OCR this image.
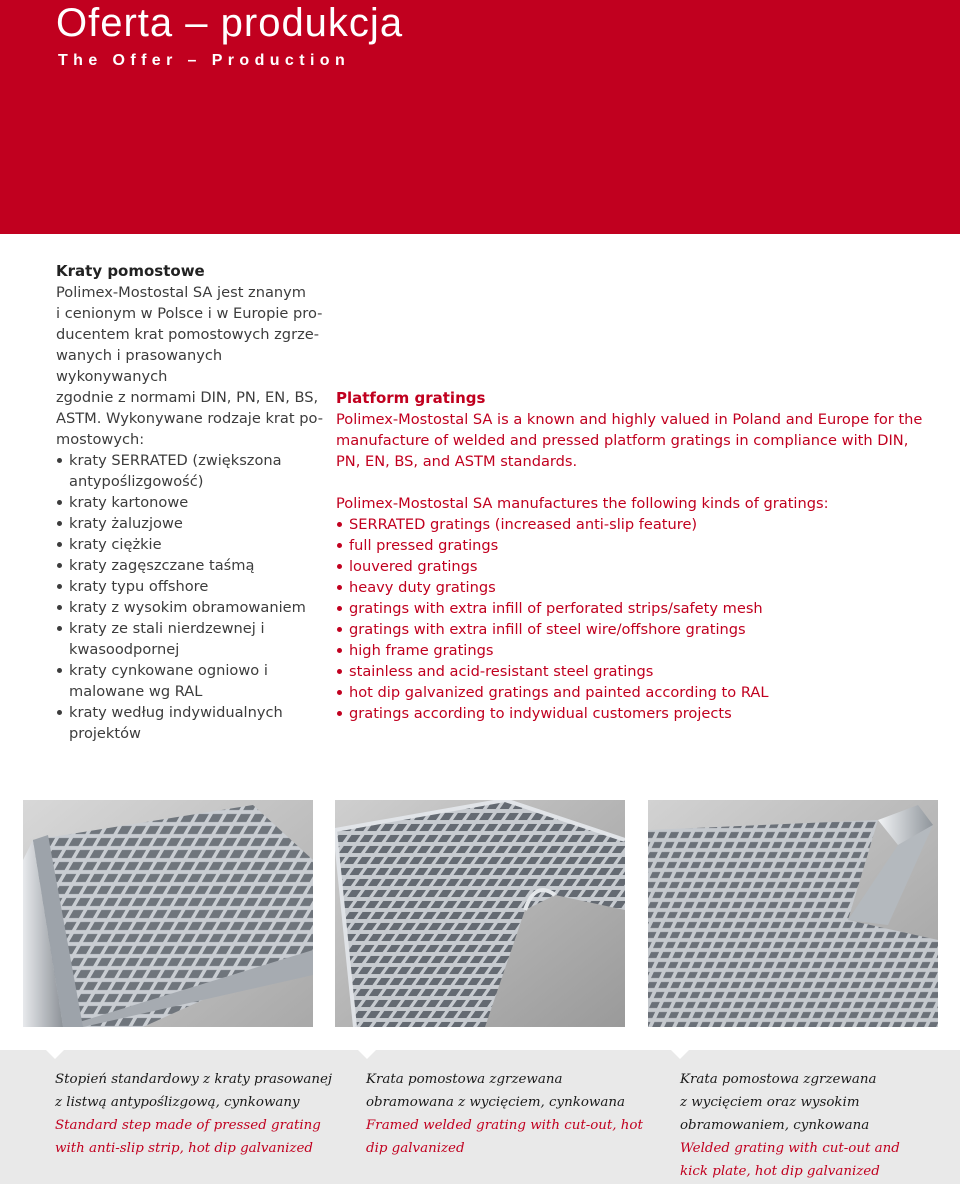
Oferta – produkcja
The Offer – Production

Kraty pomostowe

Polimex-Mostostal SA jest znanym
i cenionym w Polsce i w Europie pro-
ducentem krat pomostowych zgrze-
wanych i prasowanych wykonywanych
zgodnie z normami DIN, PN, EN, BS,
ASTM. Wykonywane rodzaje krat po-
mostowych:

kraty SERRATED (zwiększona antypoślizgowość)
kraty kartonowe
kraty żaluzjowe
kraty ciężkie
kraty zagęszczane taśmą
kraty typu offshore
kraty z wysokim obramowaniem
kraty ze stali nierdzewnej i kwasoodpornej
kraty cynkowane ogniowo i malowane wg RAL
kraty według indywidualnych projektów

Platform gratings

Polimex-Mostostal SA is a known and highly valued in Poland and Europe for the manufacture of welded and pressed platform gratings in compliance with DIN, PN, EN, BS, and ASTM standards.

Polimex-Mostostal SA manufactures the following kinds of gratings:

SERRATED gratings (increased anti-slip feature)
full pressed gratings
louvered gratings
heavy duty gratings
gratings with extra infill of perforated strips/safety mesh
gratings with extra infill of steel wire/offshore gratings
high frame gratings
stainless and acid-resistant steel gratings
hot dip galvanized gratings and painted according to RAL
gratings according to indywidual customers projects
Stopień standardowy z kraty prasowanej
z listwą antypoślizgową, cynkowany
Standard step made of pressed grating
with anti-slip strip, hot dip galvanized
Krata pomostowa zgrzewana
obramowana z wycięciem, cynkowana
Framed welded grating with cut-out, hot
dip galvanized
Krata pomostowa zgrzewana
z wycięciem oraz wysokim
obramowaniem, cynkowana
Welded grating with cut-out and
kick plate, hot dip galvanized
